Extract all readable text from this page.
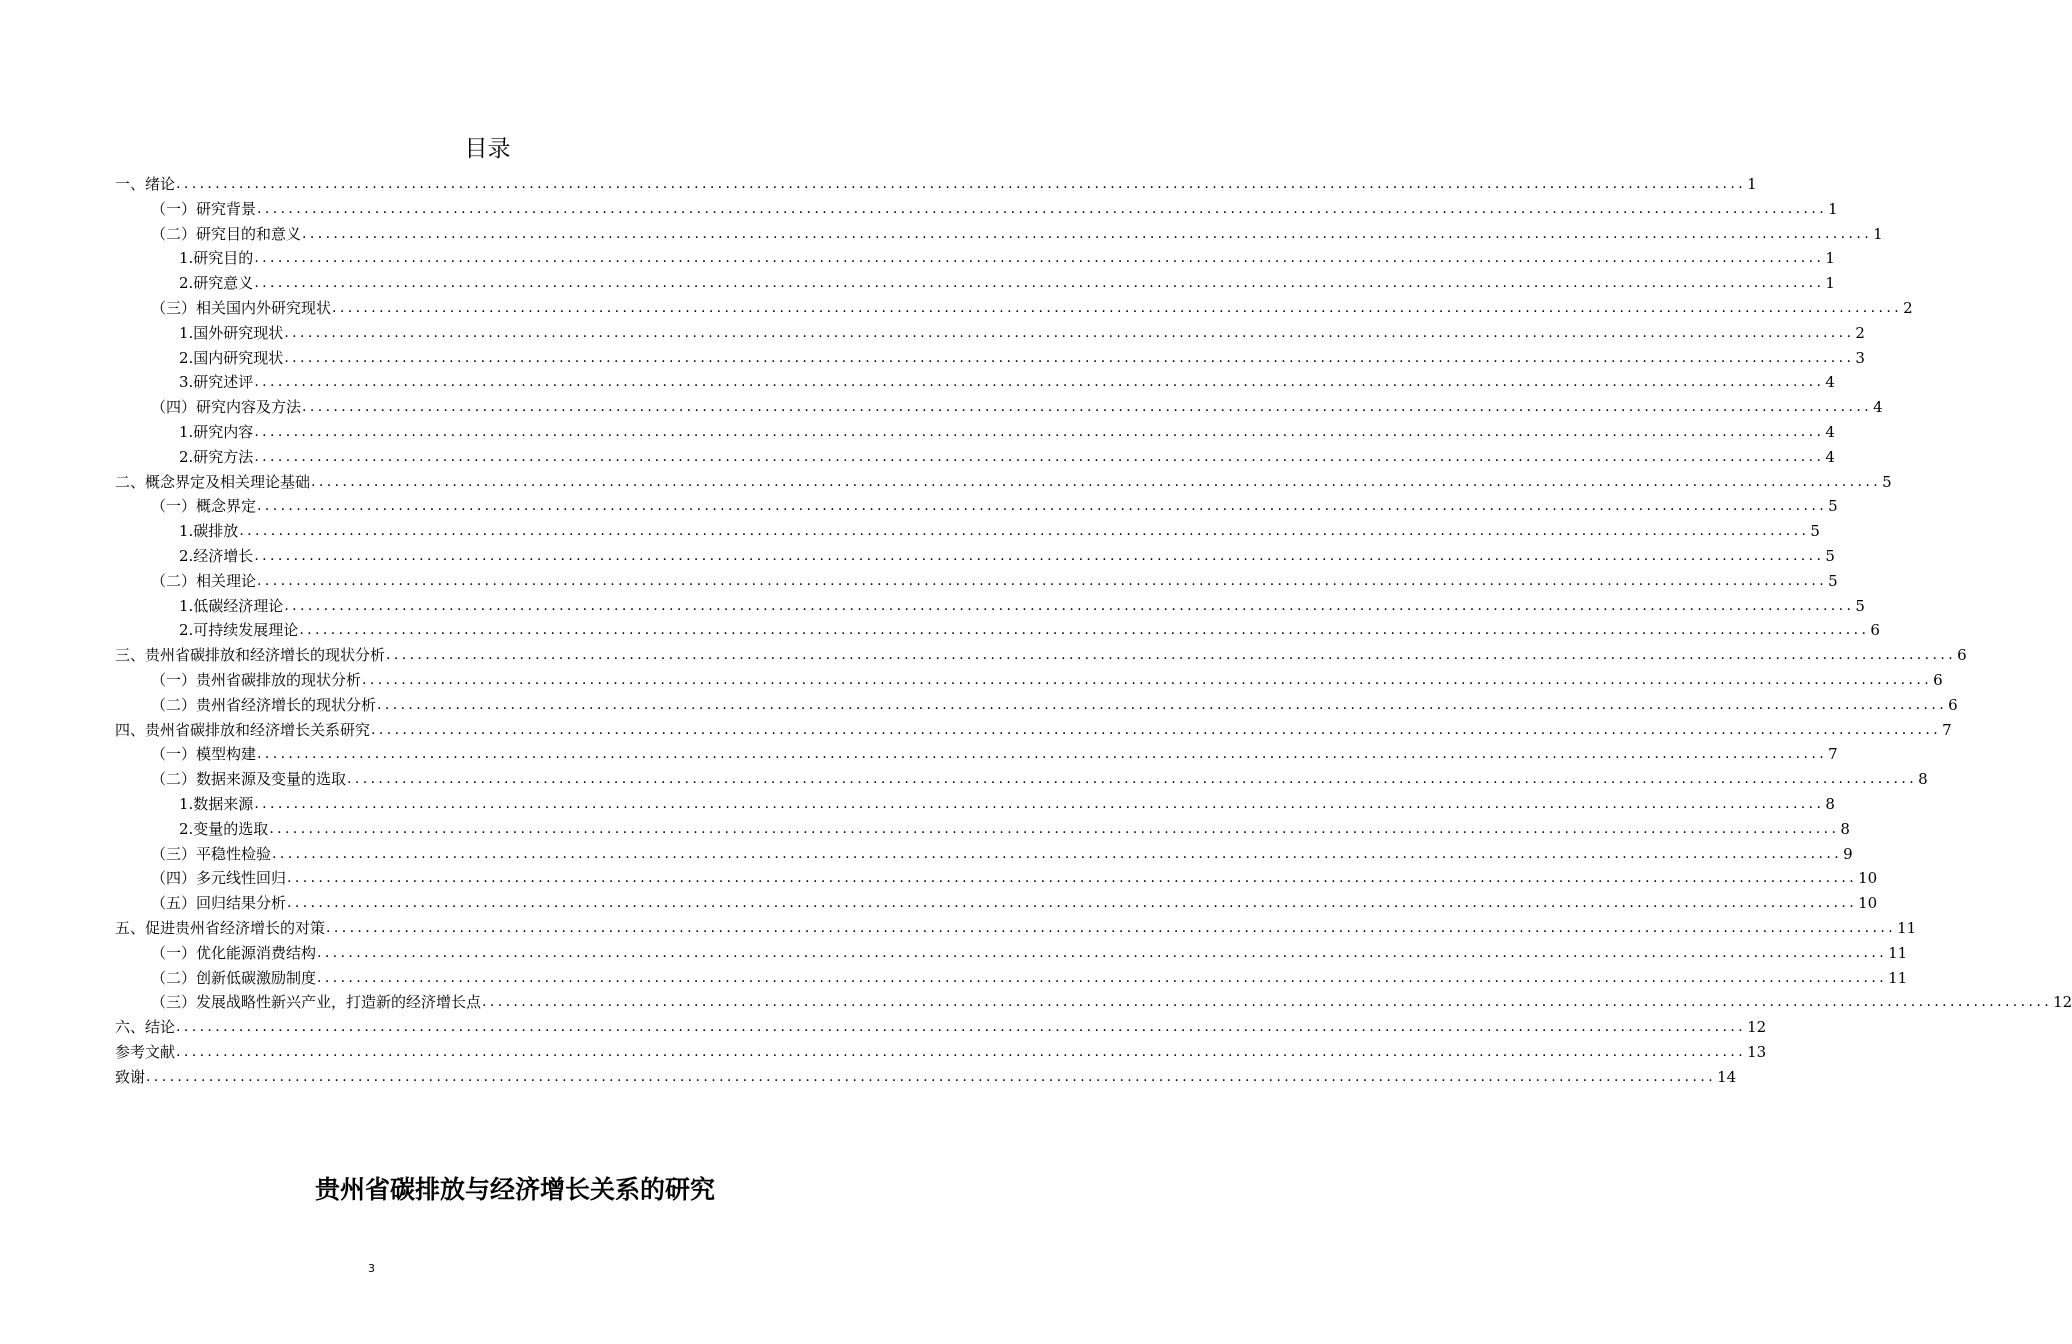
目录
一、绪论 ........................................................................................................................................................................................................ 1
（一）研究背景 ........................................................................................................................................................................................................ 1
（二）研究目的和意义 ........................................................................................................................................................................................................ 1
1.研究目的 ........................................................................................................................................................................................................ 1
2.研究意义 ........................................................................................................................................................................................................ 1
（三）相关国内外研究现状 ........................................................................................................................................................................................................ 2
1.国外研究现状 ........................................................................................................................................................................................................ 2
2.国内研究现状 ........................................................................................................................................................................................................ 3
3.研究述评 ........................................................................................................................................................................................................ 4
（四）研究内容及方法 ........................................................................................................................................................................................................ 4
1.研究内容 ........................................................................................................................................................................................................ 4
2.研究方法 ........................................................................................................................................................................................................ 4
二、概念界定及相关理论基础 ........................................................................................................................................................................................................ 5
（一）概念界定 ........................................................................................................................................................................................................ 5
1.碳排放 ........................................................................................................................................................................................................ 5
2.经济增长 ........................................................................................................................................................................................................ 5
（二）相关理论 ........................................................................................................................................................................................................ 5
1.低碳经济理论 ........................................................................................................................................................................................................ 5
2.可持续发展理论 ........................................................................................................................................................................................................ 6
三、贵州省碳排放和经济增长的现状分析 ........................................................................................................................................................................................................ 6
（一）贵州省碳排放的现状分析 ........................................................................................................................................................................................................ 6
（二）贵州省经济增长的现状分析 ........................................................................................................................................................................................................ 6
四、贵州省碳排放和经济增长关系研究 ........................................................................................................................................................................................................ 7
（一）模型构建 ........................................................................................................................................................................................................ 7
（二）数据来源及变量的选取 ........................................................................................................................................................................................................ 8
1.数据来源 ........................................................................................................................................................................................................ 8
2.变量的选取 ........................................................................................................................................................................................................ 8
（三）平稳性检验 ........................................................................................................................................................................................................ 9
（四）多元线性回归 ........................................................................................................................................................................................................ 10
（五）回归结果分析 ........................................................................................................................................................................................................ 10
五、促进贵州省经济增长的对策 ........................................................................................................................................................................................................ 11
（一）优化能源消费结构 ........................................................................................................................................................................................................ 11
（二）创新低碳激励制度 ........................................................................................................................................................................................................ 11
（三）发展战略性新兴产业，打造新的经济增长点 ........................................................................................................................................................................................................ 12
六、结论 ........................................................................................................................................................................................................ 12
参考文献 ........................................................................................................................................................................................................ 13
致谢 ........................................................................................................................................................................................................ 14
贵州省碳排放与经济增长关系的研究
3
